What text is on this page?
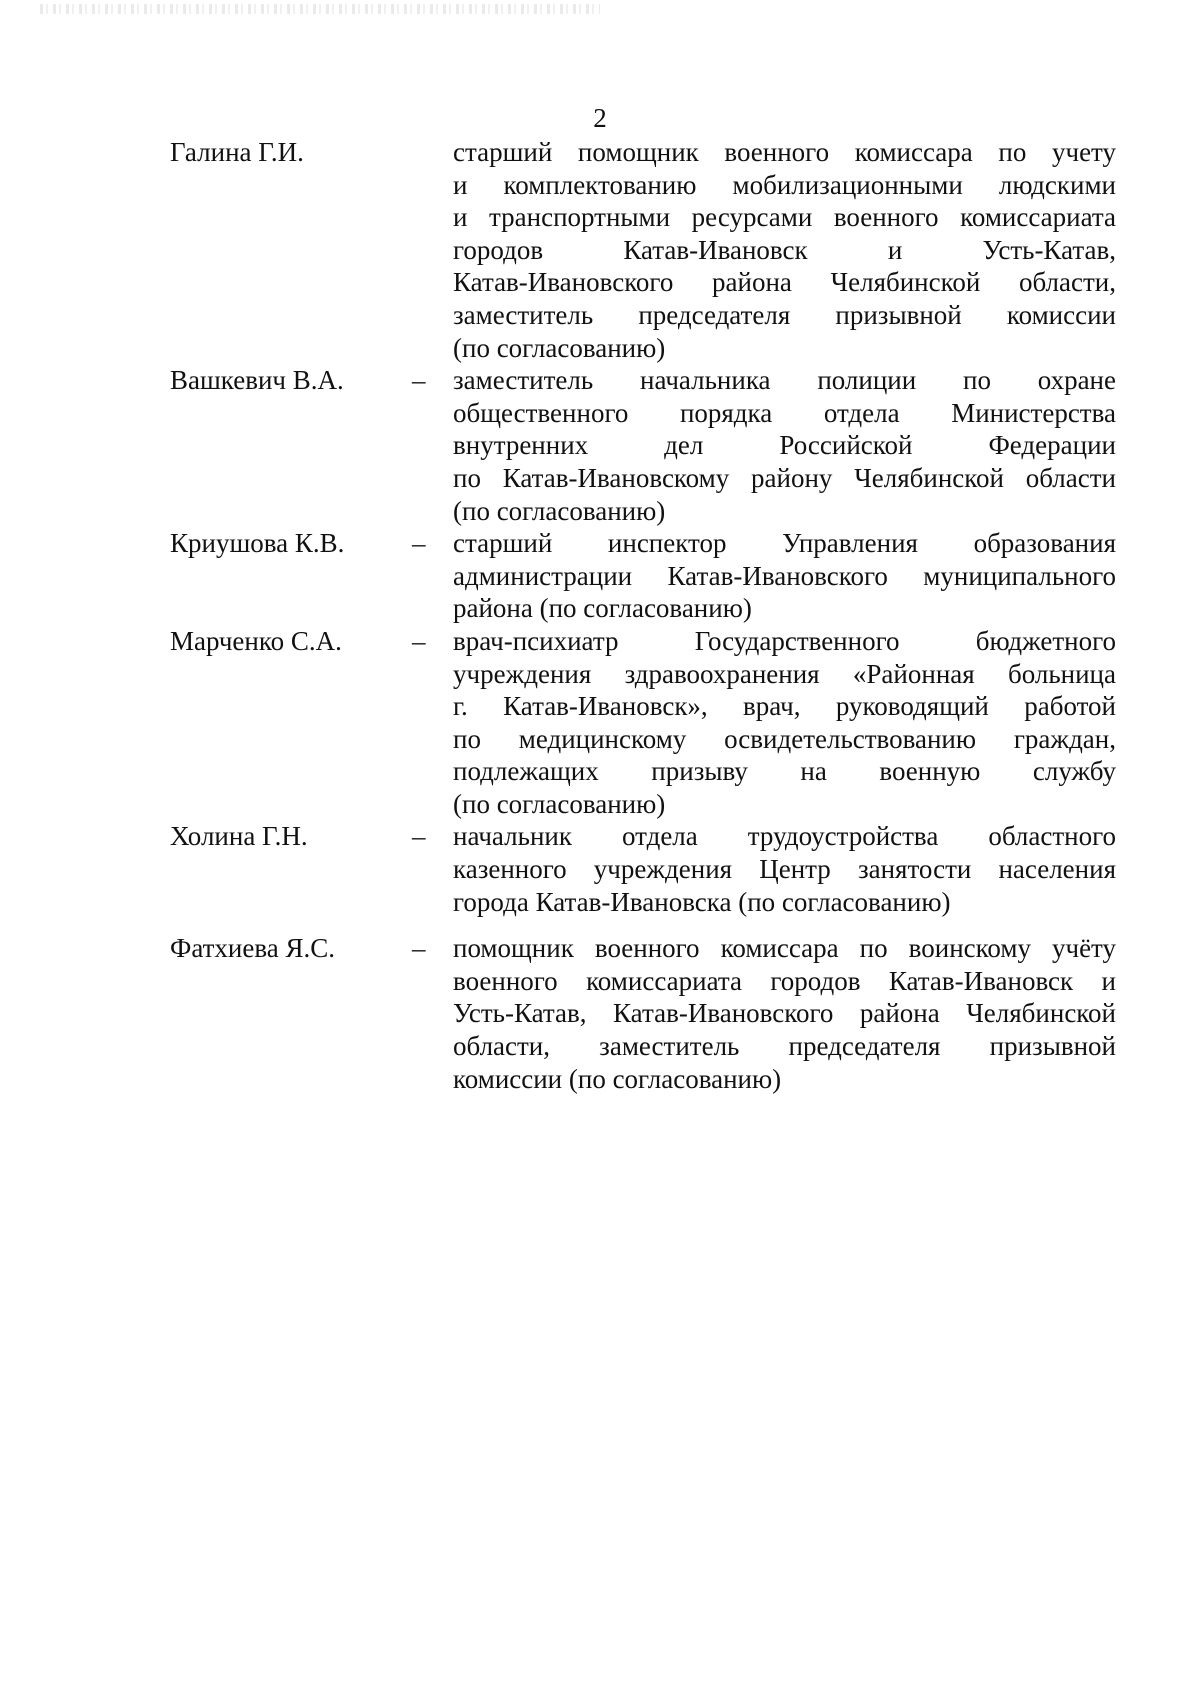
2
Галина Г.И.	старший помощник военного комиссара по учету
и комплектованию мобилизационными людскими
и транспортными ресурсами военного комиссариата
городов Катав-Ивановск и Усть-Катав,
Катав-Ивановского района Челябинской области,
заместитель председателя призывной комиссии
(по согласованию)
Вашкевич В.А.	– заместитель начальника полиции по охране
общественного порядка отдела Министерства
внутренних дел Российской Федерации
по Катав-Ивановскому району Челябинской области
(по согласованию)
Криушова К.В.	– старший инспектор Управления образования
администрации Катав-Ивановского муниципального
района (по согласованию)
Марченко С.А.	– врач-психиатр Государственного бюджетного
учреждения здравоохранения «Районная больница
г. Катав-Ивановск», врач, руководящий работой
по медицинскому освидетельствованию граждан,
подлежащих призыву на военную службу
(по согласованию)
Холина Г.Н.	– начальник отдела трудоустройства областного
казенного учреждения Центр занятости населения
города Катав-Ивановска (по согласованию)
Фатхиева Я.С.	– помощник военного комиссара по воинскому учёту
военного комиссариата городов Катав-Ивановск и
Усть-Катав, Катав-Ивановского района Челябинской
области, заместитель председателя призывной
комиссии (по согласованию)
